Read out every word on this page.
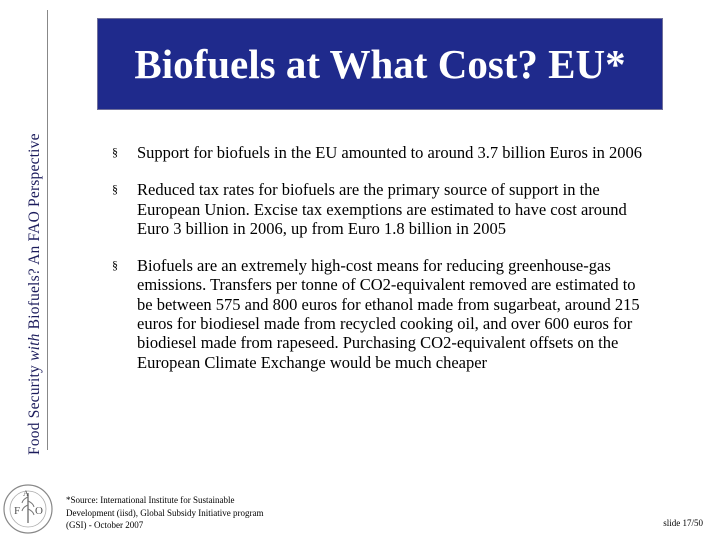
Food Security with Biofuels? An FAO Perspective
Biofuels at What Cost? EU*
§ Support for biofuels in the EU amounted to around 3.7 billion Euros in 2006
§ Reduced tax rates for biofuels are the primary source of support in the European Union. Excise tax exemptions are estimated to have cost around Euro 3 billion in 2006, up from Euro 1.8 billion in 2005
§ Biofuels are an extremely high-cost means for reducing greenhouse-gas emissions. Transfers per tonne of CO2-equivalent removed are estimated to be between 575 and 800 euros for ethanol made from sugarbeat, around 215 euros for biodiesel made from recycled cooking oil, and over 600 euros for biodiesel made from rapeseed. Purchasing CO2-equivalent offsets on the European Climate Exchange would be much cheaper
F
A
O
*Source: International Institute for Sustainable
Development (iisd), Global Subsidy Initiative program
(GSI) - October 2007	slide 17/50
